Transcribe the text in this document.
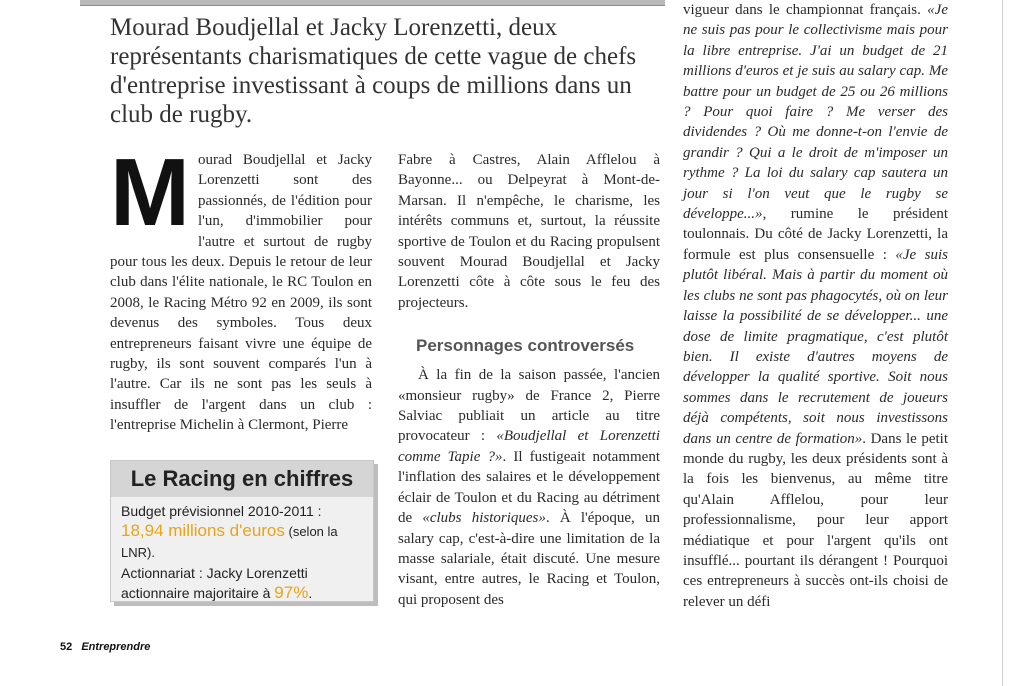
Mourad Boudjellal et Jacky Lorenzetti, deux représentants charismatiques de cette vague de chefs d'entreprise investissant à coups de millions dans un club de rugby.

M ourad Boudjellal et Jacky Lorenzetti sont des passionnés, de l'édition pour l'un, d'immobilier pour l'autre et surtout de rugby pour tous les deux. Depuis le retour de leur club dans l'élite nationale, le RC Toulon en 2008, le Racing Métro 92 en 2009, ils sont devenus des symboles. Tous deux entrepreneurs faisant vivre une équipe de rugby, ils sont souvent comparés l'un à l'autre. Car ils ne sont pas les seuls à insuffler de l'argent dans un club : l'entreprise Michelin à Clermont, Pierre

Fabre à Castres, Alain Afflelou à Bayonne... ou Delpeyrat à Mont-de-Marsan. Il n'empêche, le charisme, les intérêts communs et, surtout, la réussite sportive de Toulon et du Racing propulsent souvent Mourad Boudjellal et Jacky Lorenzetti côte à côte sous le feu des projecteurs.

Personnages controversés

À la fin de la saison passée, l'ancien «monsieur rugby» de France 2, Pierre Salviac publiait un article au titre provocateur : «Boudjellal et Lorenzetti comme Tapie ?». Il fustigeait notamment l'inflation des salaires et le développement éclair de Toulon et du Racing au détriment de «clubs historiques». À l'époque, un salary cap, c'est-à-dire une limitation de la masse salariale, était discuté. Une mesure visant, entre autres, le Racing et Toulon, qui proposent des

vigueur dans le championnat français. «Je ne suis pas pour le collectivisme mais pour la libre entreprise. J'ai un budget de 21 millions d'euros et je suis au salary cap. Me battre pour un budget de 25 ou 26 millions ? Pour quoi faire ? Me verser des dividendes ? Où me donne-t-on l'envie de grandir ? Qui a le droit de m'imposer un rythme ? La loi du salary cap sautera un jour si l'on veut que le rugby se développe...», rumine le président toulonnais. Du côté de Jacky Lorenzetti, la formule est plus consensuelle : «Je suis plutôt libéral. Mais à partir du moment où les clubs ne sont pas phagocytés, où on leur laisse la possibilité de se développer... une dose de limite pragmatique, c'est plutôt bien. Il existe d'autres moyens de développer la qualité sportive. Soit nous sommes dans le recrutement de joueurs déjà compétents, soit nous investissons dans un centre de formation». Dans le petit monde du rugby, les deux présidents sont à la fois les bienvenus, au même titre qu'Alain Afflelou, pour leur professionnalisme, pour leur apport médiatique et pour l'argent qu'ils ont insufflé... pourtant ils dérangent ! Pourquoi ces entrepreneurs à succès ont-ils choisi de relever un défi

Le Racing en chiffres
Budget prévisionnel 2010-2011 :
18,94 millions d'euros (selon la LNR).
Actionnariat : Jacky Lorenzetti actionnaire majoritaire à 97%.
52 Entreprendre
